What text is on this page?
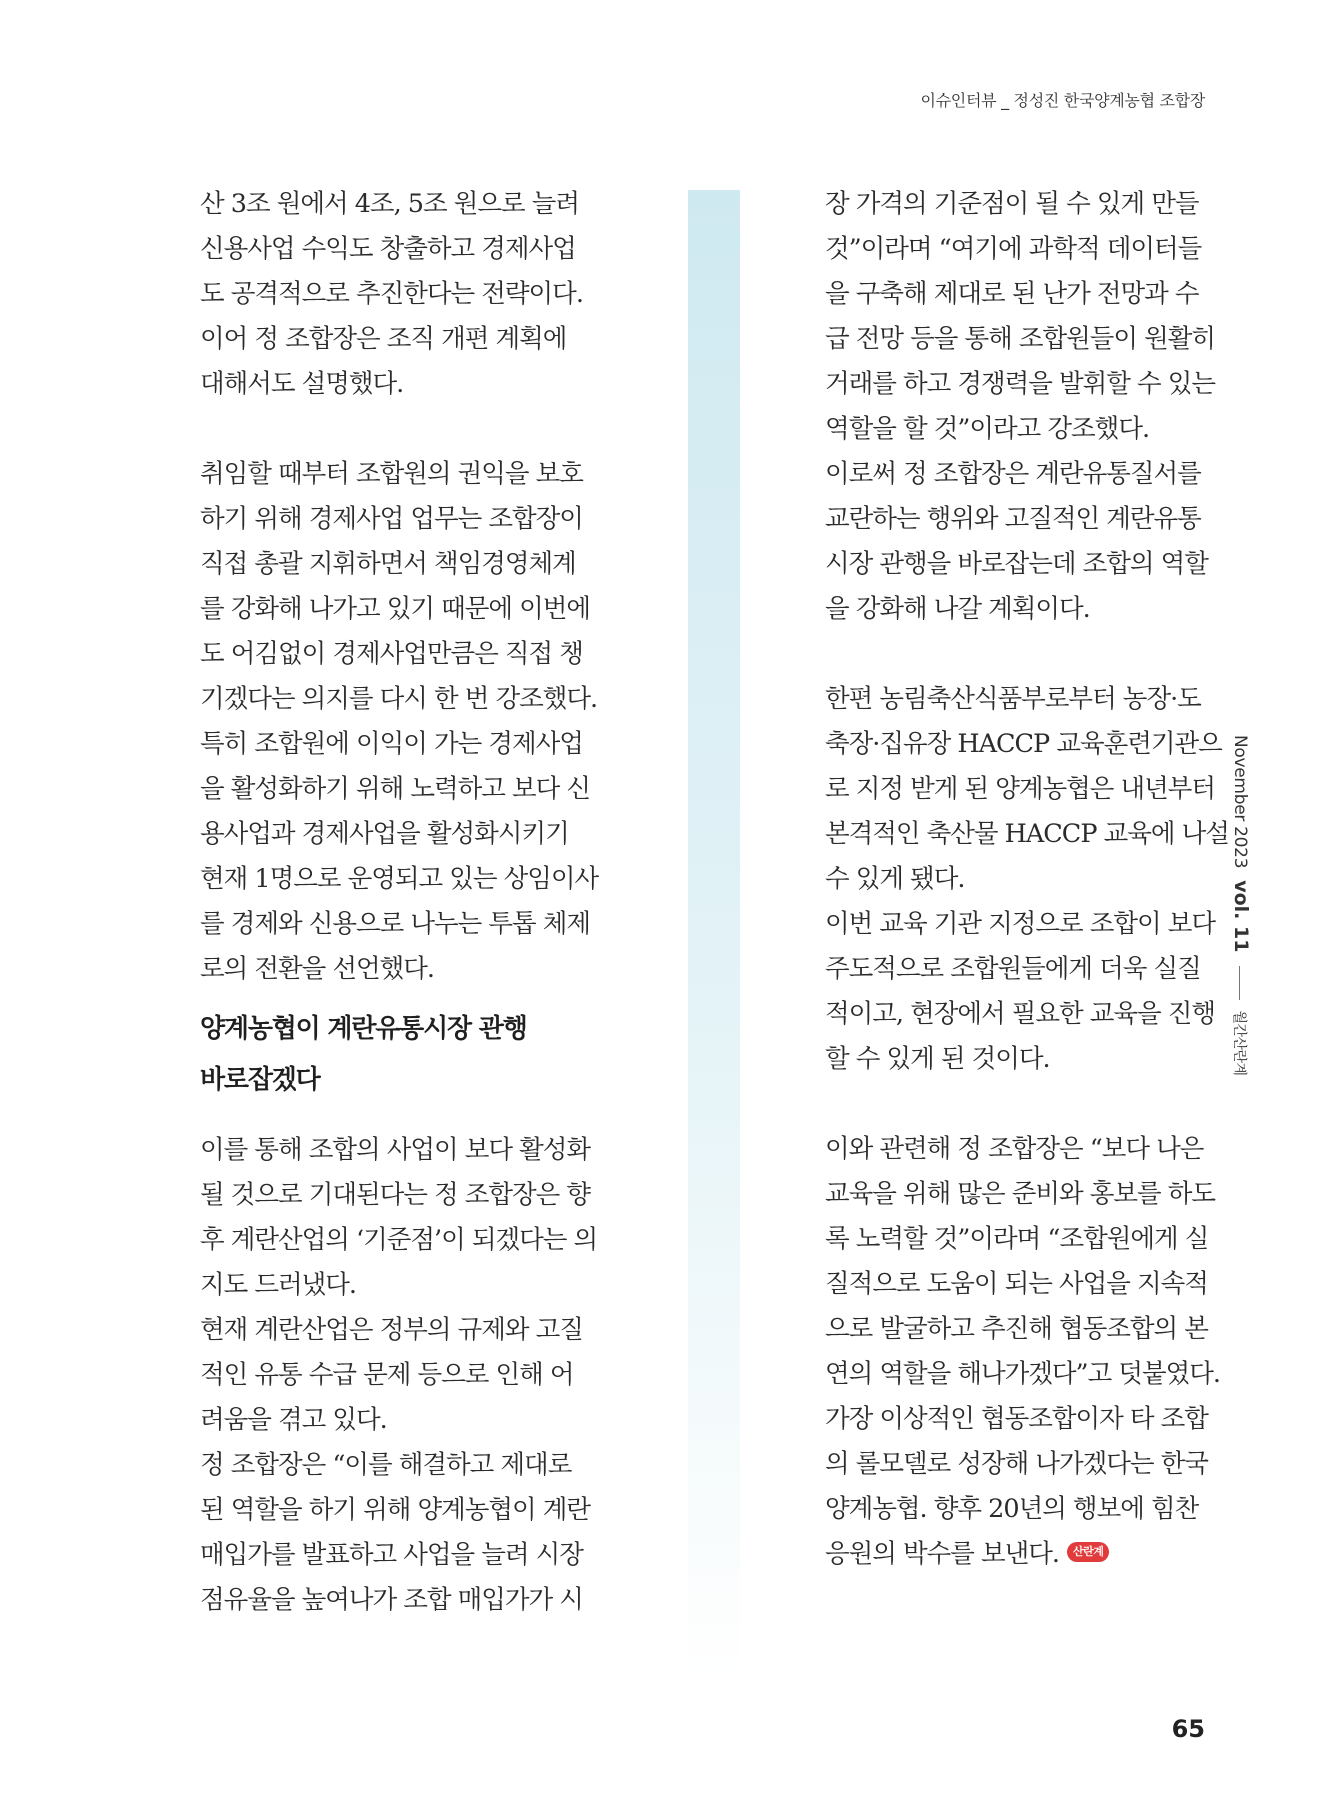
이슈인터뷰 _ 정성진 한국양계농협 조합장
산 3조 원에서 4조, 5조 원으로 늘려
신용사업 수익도 창출하고 경제사업
도 공격적으로 추진한다는 전략이다.
이어 정 조합장은 조직 개편 계획에
대해서도 설명했다.
취임할 때부터 조합원의 권익을 보호
하기 위해 경제사업 업무는 조합장이
직접 총괄 지휘하면서 책임경영체계
를 강화해 나가고 있기 때문에 이번에
도 어김없이 경제사업만큼은 직접 챙
기겠다는 의지를 다시 한 번 강조했다.
특히 조합원에 이익이 가는 경제사업
을 활성화하기 위해 노력하고 보다 신
용사업과 경제사업을 활성화시키기
현재 1명으로 운영되고 있는 상임이사
를 경제와 신용으로 나누는 투톱 체제
로의 전환을 선언했다.
양계농협이 계란유통시장 관행
바로잡겠다
이를 통해 조합의 사업이 보다 활성화
될 것으로 기대된다는 정 조합장은 향
후 계란산업의 ‘기준점’이 되겠다는 의
지도 드러냈다.
현재 계란산업은 정부의 규제와 고질
적인 유통 수급 문제 등으로 인해 어
려움을 겪고 있다.
정 조합장은 “이를 해결하고 제대로
된 역할을 하기 위해 양계농협이 계란
매입가를 발표하고 사업을 늘려 시장
점유율을 높여나가 조합 매입가가 시
장 가격의 기준점이 될 수 있게 만들
것”이라며 “여기에 과학적 데이터들
을 구축해 제대로 된 난가 전망과 수
급 전망 등을 통해 조합원들이 원활히
거래를 하고 경쟁력을 발휘할 수 있는
역할을 할 것”이라고 강조했다.
이로써 정 조합장은 계란유통질서를
교란하는 행위와 고질적인 계란유통
시장 관행을 바로잡는데 조합의 역할
을 강화해 나갈 계획이다.
한편 농림축산식품부로부터 농장·도
축장·집유장 HACCP 교육훈련기관으
로 지정 받게 된 양계농협은 내년부터
본격적인 축산물 HACCP 교육에 나설
수 있게 됐다.
이번 교육 기관 지정으로 조합이 보다
주도적으로 조합원들에게 더욱 실질
적이고, 현장에서 필요한 교육을 진행
할 수 있게 된 것이다.
이와 관련해 정 조합장은 “보다 나은
교육을 위해 많은 준비와 홍보를 하도
록 노력할 것”이라며 “조합원에게 실
질적으로 도움이 되는 사업을 지속적
으로 발굴하고 추진해 협동조합의 본
연의 역할을 해나가겠다”고 덧붙였다.
가장 이상적인 협동조합이자 타 조합
의 롤모델로 성장해 나가겠다는 한국
양계농협. 향후 20년의 행보에 힘찬
응원의 박수를 보낸다. 산란계
November 2023vol. 11월간산란계
65
